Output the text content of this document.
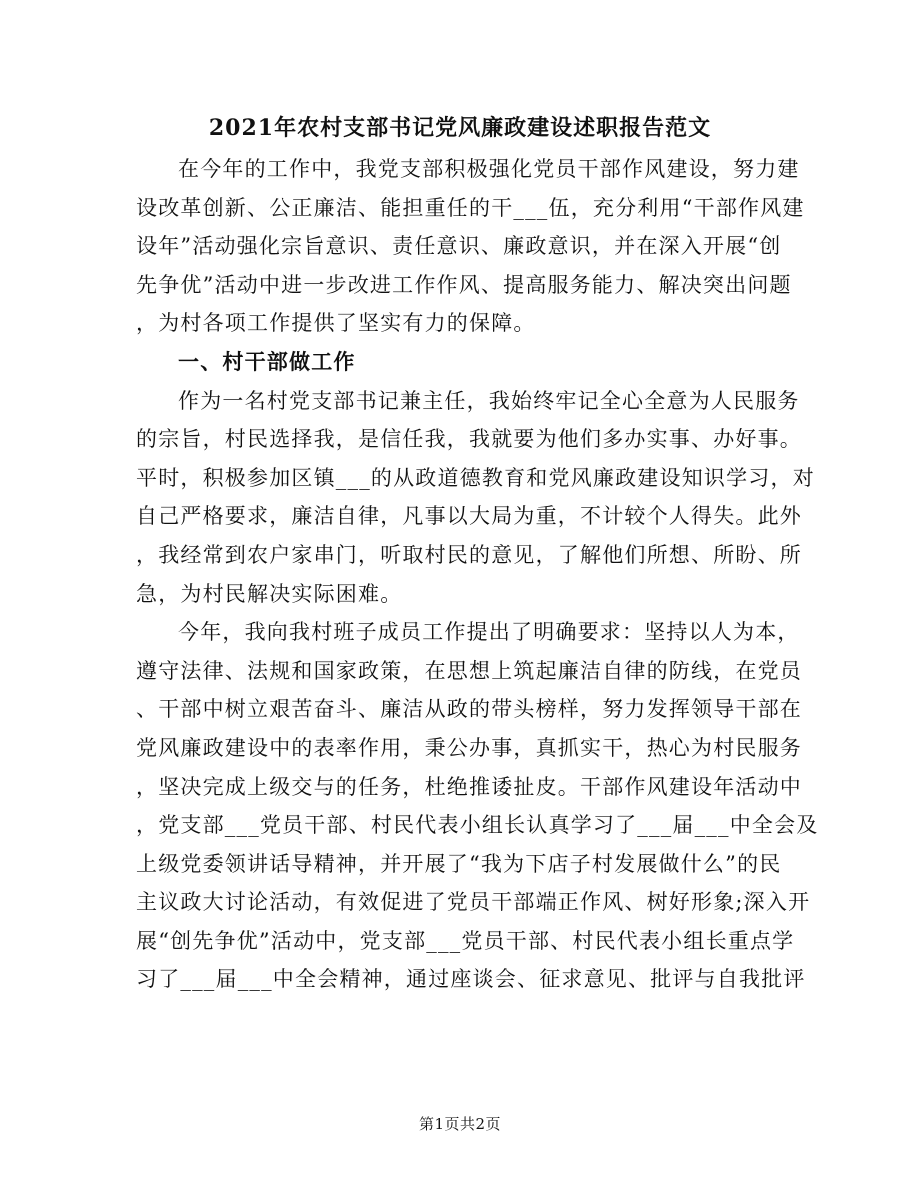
2021年农村支部书记党风廉政建设述职报告范文
在今年的工作中，我党支部积极强化党员干部作风建设，努力建
设改革创新、公正廉洁、能担重任的干___伍，充分利用“干部作风建
设年”活动强化宗旨意识、责任意识、廉政意识，并在深入开展“创
先争优”活动中进一步改进工作作风、提高服务能力、解决突出问题
，为村各项工作提供了坚实有力的保障。
一、村干部做工作
作为一名村党支部书记兼主任，我始终牢记全心全意为人民服务
的宗旨，村民选择我，是信任我，我就要为他们多办实事、办好事。
平时，积极参加区镇___的从政道德教育和党风廉政建设知识学习，对
自己严格要求，廉洁自律，凡事以大局为重，不计较个人得失。此外
，我经常到农户家串门，听取村民的意见，了解他们所想、所盼、所
急，为村民解决实际困难。
今年，我向我村班子成员工作提出了明确要求：坚持以人为本，
遵守法律、法规和国家政策，在思想上筑起廉洁自律的防线，在党员
、干部中树立艰苦奋斗、廉洁从政的带头榜样，努力发挥领导干部在
党风廉政建设中的表率作用，秉公办事，真抓实干，热心为村民服务
，坚决完成上级交与的任务，杜绝推诿扯皮。干部作风建设年活动中
，党支部___党员干部、村民代表小组长认真学习了___届___中全会及
上级党委领讲话导精神，并开展了“我为下店子村发展做什么”的民
主议政大讨论活动，有效促进了党员干部端正作风、树好形象;深入开
展“创先争优”活动中，党支部___党员干部、村民代表小组长重点学
习了___届___中全会精神，通过座谈会、征求意见、批评与自我批评
第1页共2页
